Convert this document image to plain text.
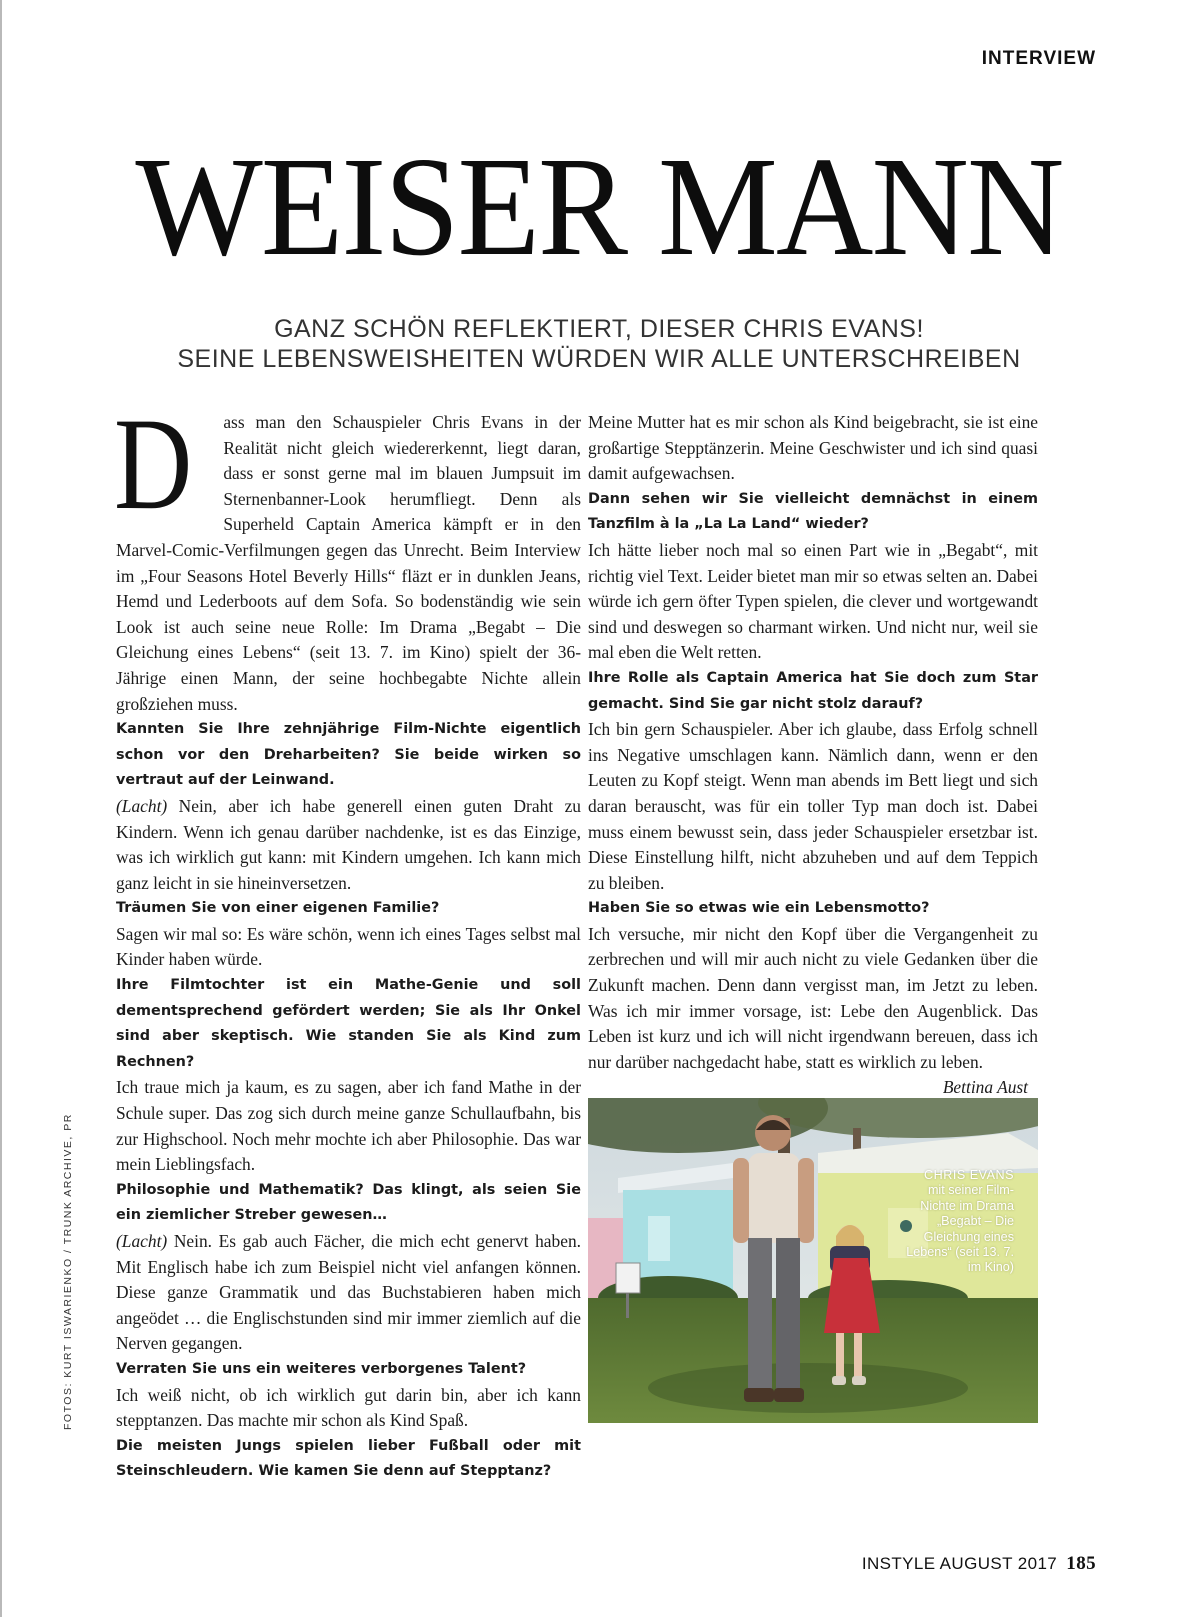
INTERVIEW
WEISER MANN
GANZ SCHÖN REFLEKTIERT, DIESER CHRIS EVANS!
SEINE LEBENSWEISHEITEN WÜRDEN WIR ALLE UNTERSCHREIBEN

D ass man den Schauspieler Chris Evans in der Realität nicht gleich wiedererkennt, liegt daran, dass er sonst gerne mal im blauen Jumpsuit im Sternenbanner-Look herumfliegt. Denn als Superheld Captain America kämpft er in den Marvel-Comic-Verfilmungen gegen das Unrecht. Beim Interview im „Four Seasons Hotel Beverly Hills“ fläzt er in dunklen Jeans, Hemd und Lederboots auf dem Sofa. So bodenständig wie sein Look ist auch seine neue Rolle: Im Drama „Begabt – Die Gleichung eines Lebens“ (seit 13. 7. im Kino) spielt der 36-Jährige einen Mann, der seine hochbegabte Nichte allein großziehen muss.

Kannten Sie Ihre zehnjährige Film-Nichte eigentlich schon vor den Dreharbeiten? Sie beide wirken so vertraut auf der Leinwand.

(Lacht) Nein, aber ich habe generell einen guten Draht zu Kindern. Wenn ich genau darüber nachdenke, ist es das Einzige, was ich wirklich gut kann: mit Kindern umgehen. Ich kann mich ganz leicht in sie hineinversetzen.

Träumen Sie von einer eigenen Familie?

Sagen wir mal so: Es wäre schön, wenn ich eines Tages selbst mal Kinder haben würde.

Ihre Filmtochter ist ein Mathe-Genie und soll dementsprechend gefördert werden; Sie als Ihr Onkel sind aber skeptisch. Wie standen Sie als Kind zum Rechnen?

Ich traue mich ja kaum, es zu sagen, aber ich fand Mathe in der Schule super. Das zog sich durch meine ganze Schullaufbahn, bis zur Highschool. Noch mehr mochte ich aber Philosophie. Das war mein Lieblingsfach.

Philosophie und Mathematik? Das klingt, als seien Sie ein ziemlicher Streber gewesen…

(Lacht) Nein. Es gab auch Fächer, die mich echt genervt haben. Mit Englisch habe ich zum Beispiel nicht viel anfangen können. Diese ganze Grammatik und das Buchstabieren haben mich angeödet … die Englischstunden sind mir immer ziemlich auf die Nerven gegangen.

Verraten Sie uns ein weiteres verborgenes Talent?

Ich weiß nicht, ob ich wirklich gut darin bin, aber ich kann stepptanzen. Das machte mir schon als Kind Spaß.

Die meisten Jungs spielen lieber Fußball oder mit Steinschleudern. Wie kamen Sie denn auf Stepptanz?

Meine Mutter hat es mir schon als Kind beigebracht, sie ist eine großartige Stepptänzerin. Meine Geschwister und ich sind quasi damit aufgewachsen.

Dann sehen wir Sie vielleicht demnächst in einem Tanzfilm à la „La La Land“ wieder?

Ich hätte lieber noch mal so einen Part wie in „Begabt“, mit richtig viel Text. Leider bietet man mir so etwas selten an. Dabei würde ich gern öfter Typen spielen, die clever und wortgewandt sind und deswegen so charmant wirken. Und nicht nur, weil sie mal eben die Welt retten.

Ihre Rolle als Captain America hat Sie doch zum Star gemacht. Sind Sie gar nicht stolz darauf?

Ich bin gern Schauspieler. Aber ich glaube, dass Erfolg schnell ins Negative umschlagen kann. Nämlich dann, wenn er den Leuten zu Kopf steigt. Wenn man abends im Bett liegt und sich daran berauscht, was für ein toller Typ man doch ist. Dabei muss einem bewusst sein, dass jeder Schauspieler ersetzbar ist. Diese Einstellung hilft, nicht abzuheben und auf dem Teppich zu bleiben.

Haben Sie so etwas wie ein Lebensmotto?

Ich versuche, mir nicht den Kopf über die Vergangenheit zu zerbrechen und will mir auch nicht zu viele Gedanken über die Zukunft machen. Denn dann vergisst man, im Jetzt zu leben. Was ich mir immer vorsage, ist: Lebe den Augenblick. Das Leben ist kurz und ich will nicht irgendwann bereuen, dass ich nur darüber nachgedacht habe, statt es wirklich zu leben.
Bettina Aust

FOTOS: KURT ISWARIENKO / TRUNK ARCHIVE, PR	CHRIS EVANS
mit seiner Film-Nichte im Drama „Begabt – Die Gleichung eines Lebens“ (seit 13. 7. im Kino)
INSTYLE AUGUST 2017 185
